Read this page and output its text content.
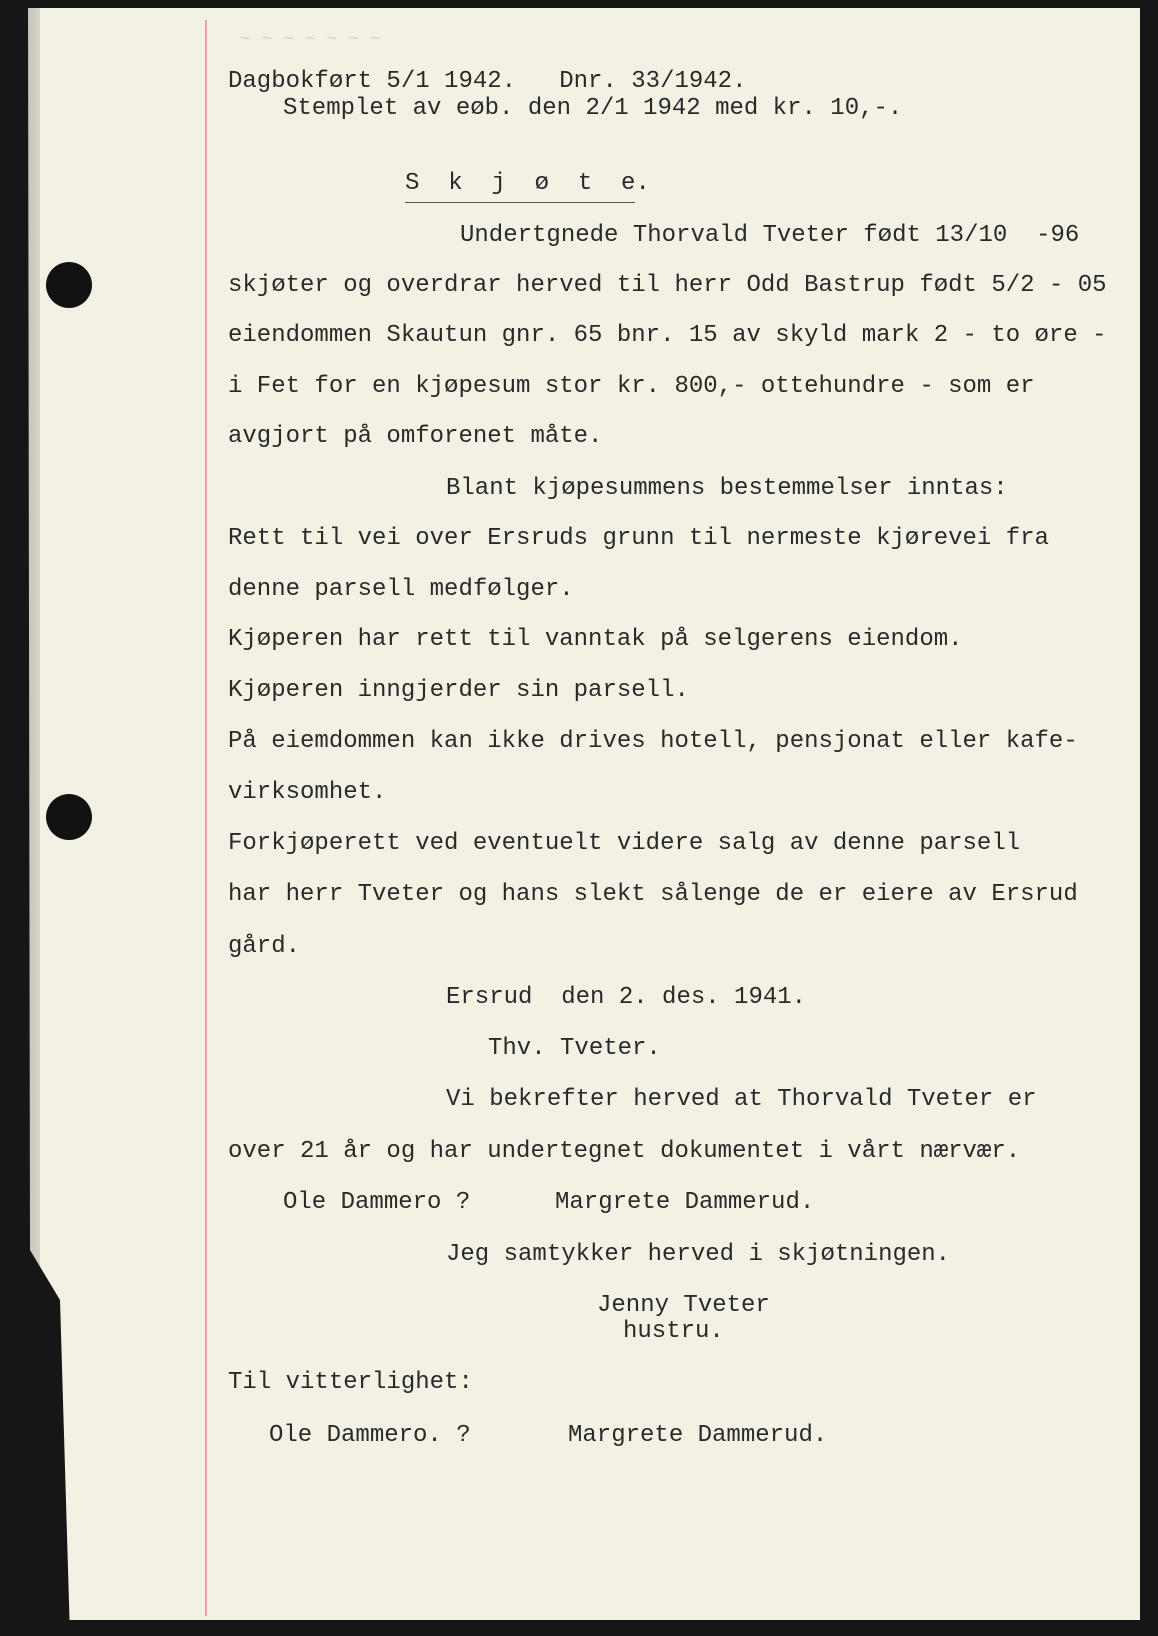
~ ~ ~ ~ ~ ~ ~
Dagbokført 5/1 1942.   Dnr. 33/1942.
Stemplet av eøb. den 2/1 1942 med kr. 10,-.
S  k  j  ø  t  e.
Undertgnede Thorvald Tveter født 13/10  -96
skjøter og overdrar herved til herr Odd Bastrup født 5/2 - 05
eiendommen Skautun gnr. 65 bnr. 15 av skyld mark 2 - to øre -
i Fet for en kjøpesum stor kr. 800,- ottehundre - som er
avgjort på omforenet måte.
Blant kjøpesummens bestemmelser inntas:
Rett til vei over Ersruds grunn til nermeste kjørevei fra
denne parsell medfølger.
Kjøperen har rett til vanntak på selgerens eiendom.
Kjøperen inngjerder sin parsell.
På eiemdommen kan ikke drives hotell, pensjonat eller kafe-
virksomhet.
Forkjøperett ved eventuelt videre salg av denne parsell
har herr Tveter og hans slekt sålenge de er eiere av Ersrud
gård.
Ersrud  den 2. des. 1941.
Thv. Tveter.
Vi bekrefter herved at Thorvald Tveter er
over 21 år og har undertegnet dokumentet i vårt nærvær.
Ole Dammero ?	Margrete Dammerud.
Jeg samtykker herved i skjøtningen.
Jenny Tveter
hustru.
Til vitterlighet:
Ole Dammero. ?	Margrete Dammerud.
